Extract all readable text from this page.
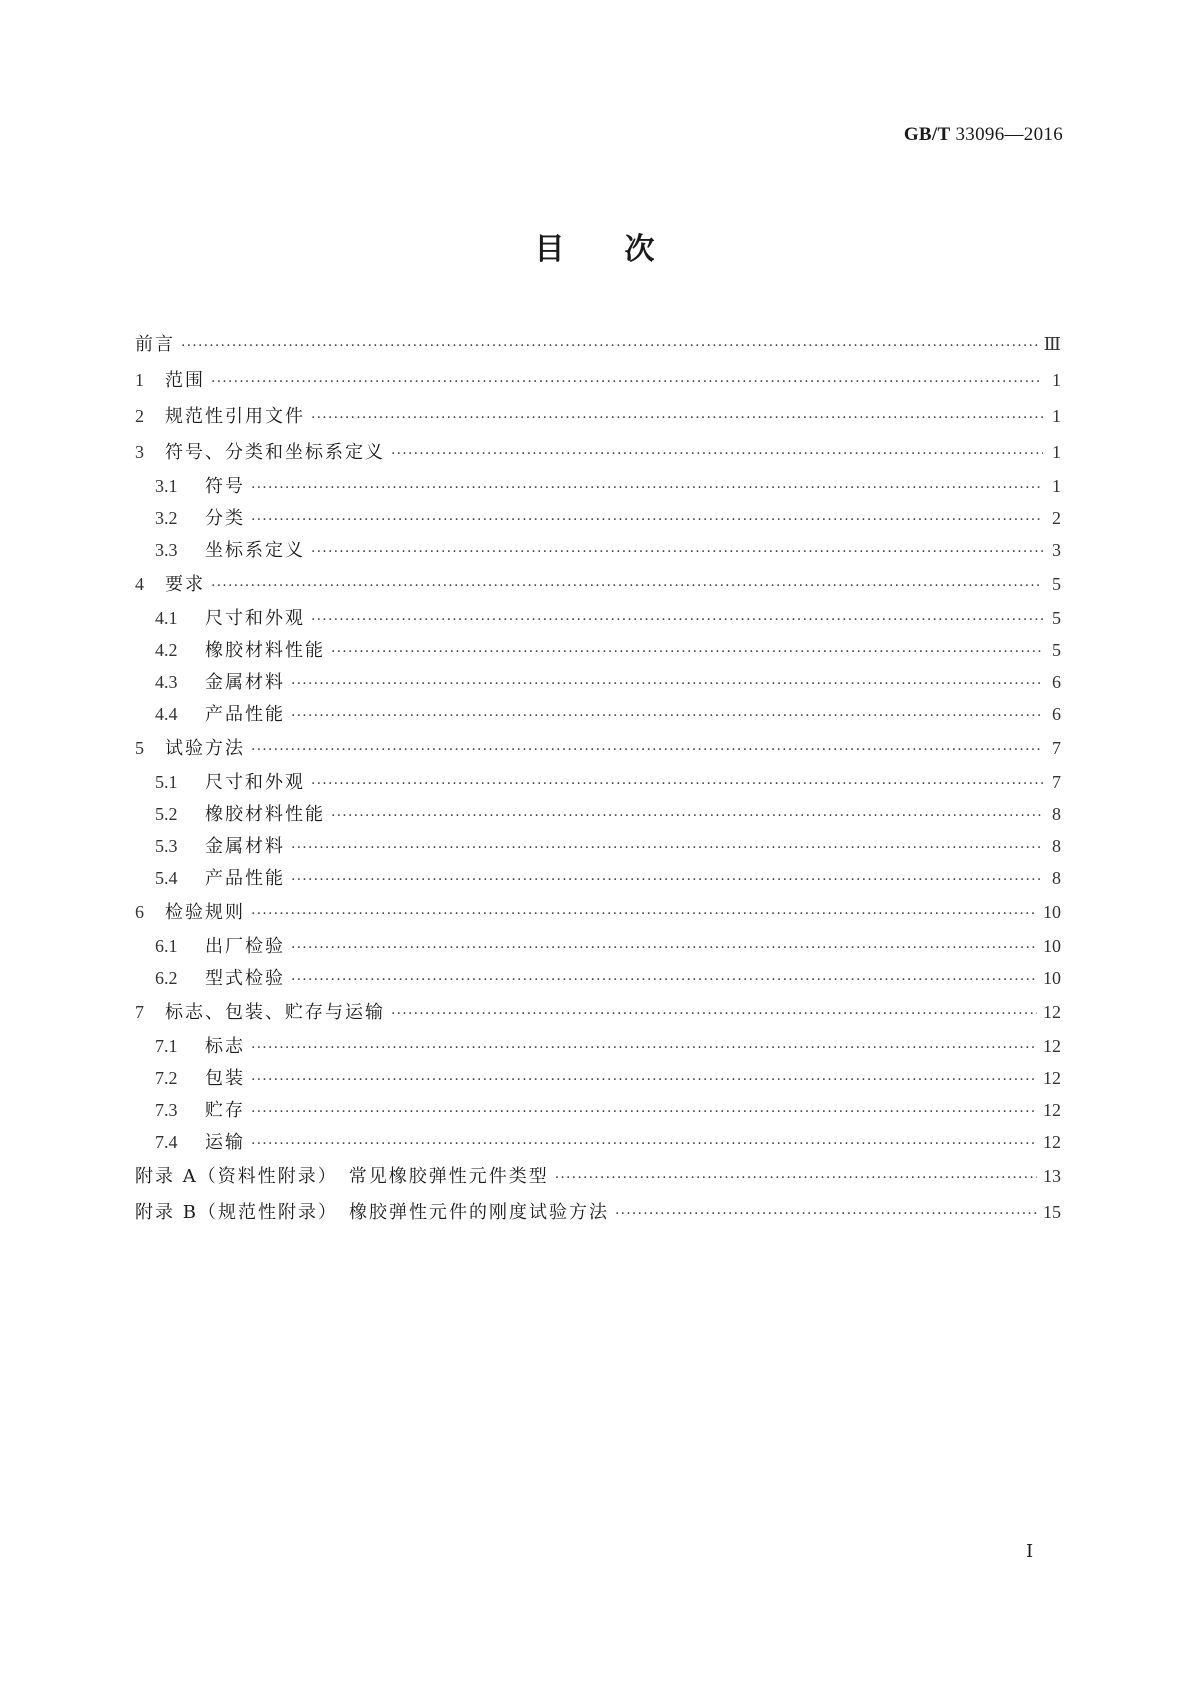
GB/T 33096—2016
目 次
前言 ·····	Ⅲ
1	范围 ·····	1
2	规范性引用文件 ·····	1
3	符号、分类和坐标系定义 ·····	1
3.1	符号 ·····	1
3.2	分类 ·····	2
3.3	坐标系定义 ·····	3
4	要求 ·····	5
4.1	尺寸和外观 ·····	5
4.2	橡胶材料性能 ·····	5
4.3	金属材料 ·····	6
4.4	产品性能 ·····	6
5	试验方法 ·····	7
5.1	尺寸和外观 ·····	7
5.2	橡胶材料性能 ·····	8
5.3	金属材料 ·····	8
5.4	产品性能 ·····	8
6	检验规则 ·····	10
6.1	出厂检验 ·····	10
6.2	型式检验 ·····	10
7	标志、包装、贮存与运输 ·····	12
7.1	标志 ·····	12
7.2	包装 ·····	12
7.3	贮存 ·····	12
7.4	运输 ·····	12
附录 A（资料性附录）　常见橡胶弹性元件类型 ·····	13
附录 B（规范性附录）　橡胶弹性元件的刚度试验方法 ·····	15
Ⅰ
